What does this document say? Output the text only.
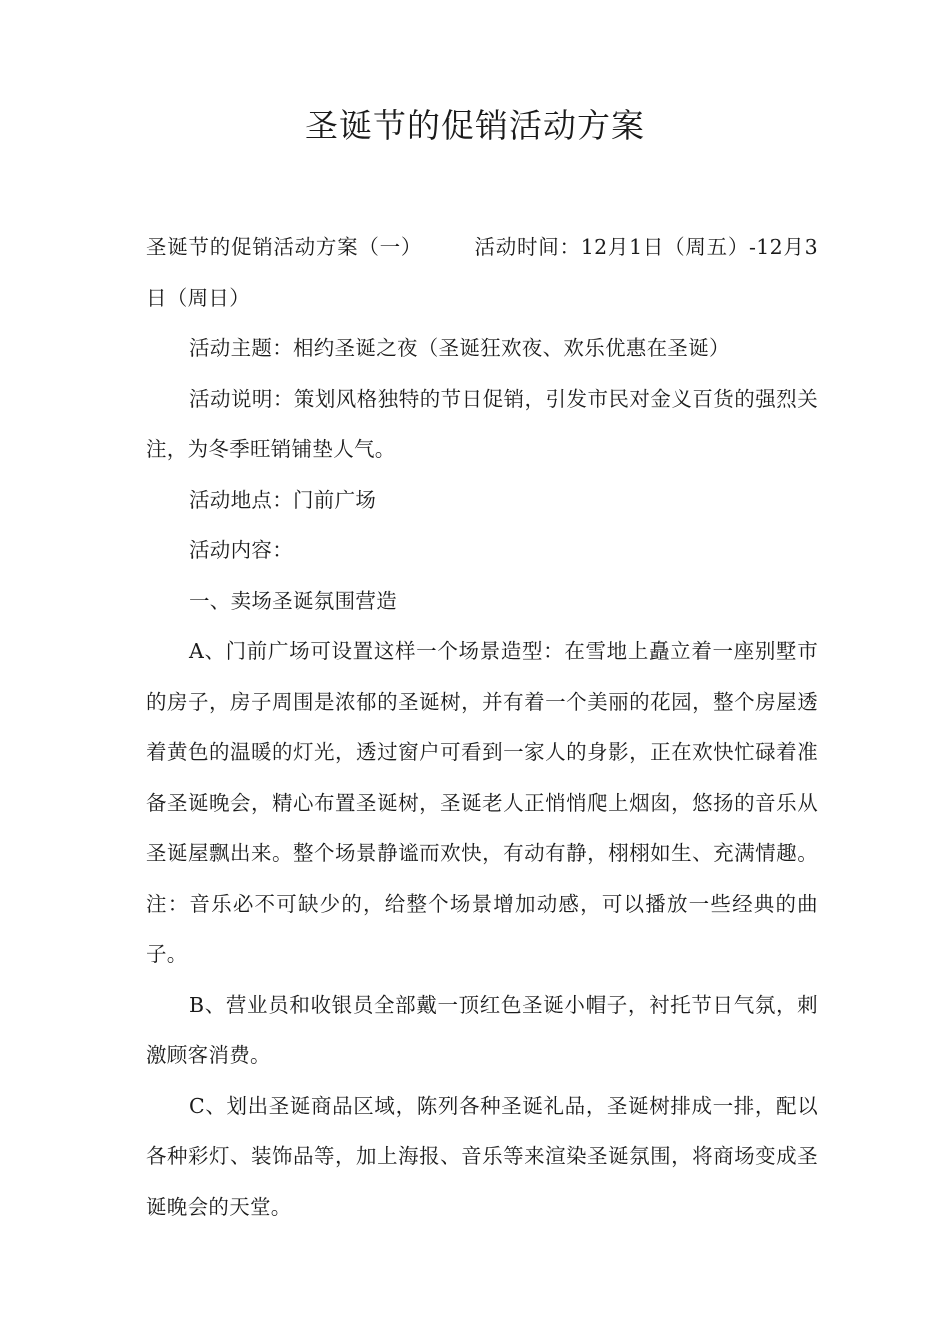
圣诞节的促销活动方案

圣诞节的促销活动方案（一）	活动时间：12月1日（周五）-12月3日（周日）

活动主题：相约圣诞之夜（圣诞狂欢夜、欢乐优惠在圣诞）

活动说明：策划风格独特的节日促销，引发市民对金义百货的强烈关注，为冬季旺销铺垫人气。

活动地点：门前广场

活动内容：

一、卖场圣诞氛围营造

A、门前广场可设置这样一个场景造型：在雪地上矗立着一座别墅市的房子，房子周围是浓郁的圣诞树，并有着一个美丽的花园，整个房屋透着黄色的温暖的灯光，透过窗户可看到一家人的身影，正在欢快忙碌着准备圣诞晚会，精心布置圣诞树，圣诞老人正悄悄爬上烟囱，悠扬的音乐从圣诞屋飘出来。整个场景静谧而欢快，有动有静，栩栩如生、充满情趣。注：音乐必不可缺少的，给整个场景增加动感，可以播放一些经典的曲子。

B、营业员和收银员全部戴一顶红色圣诞小帽子，衬托节日气氛，刺激顾客消费。

C、划出圣诞商品区域，陈列各种圣诞礼品，圣诞树排成一排，配以各种彩灯、装饰品等，加上海报、音乐等来渲染圣诞氛围，将商场变成圣诞晚会的天堂。
